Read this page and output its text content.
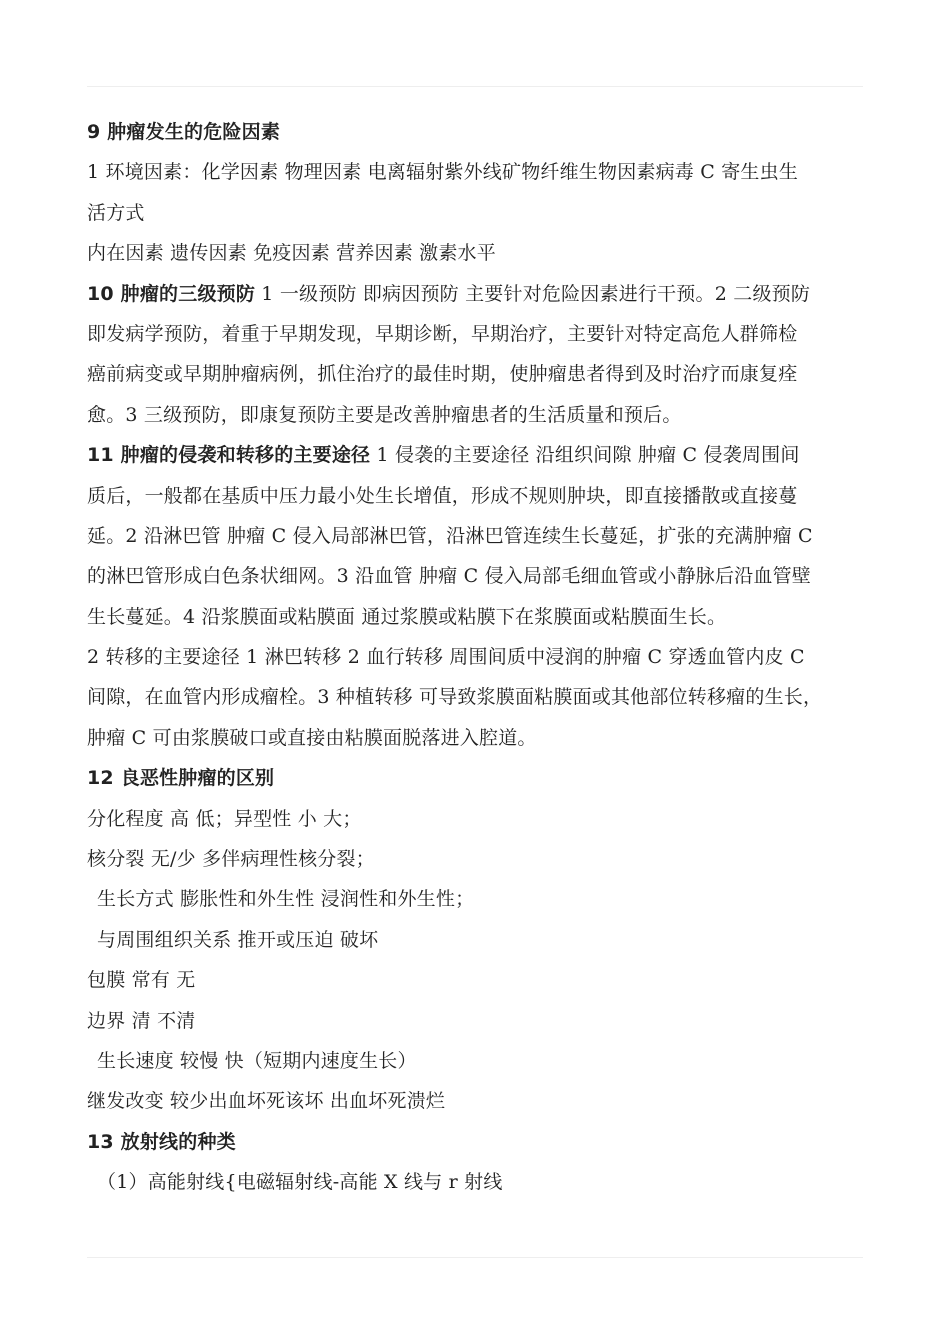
9 肿瘤发生的危险因素
1 环境因素：化学因素 物理因素 电离辐射紫外线矿物纤维生物因素病毒 C 寄生虫生
活方式
内在因素 遗传因素 免疫因素 营养因素 激素水平
10 肿瘤的三级预防 1 一级预防 即病因预防 主要针对危险因素进行干预。2 二级预防
即发病学预防，着重于早期发现，早期诊断，早期治疗，主要针对特定高危人群筛检
癌前病变或早期肿瘤病例，抓住治疗的最佳时期，使肿瘤患者得到及时治疗而康复痊
愈。3 三级预防，即康复预防主要是改善肿瘤患者的生活质量和预后。
11 肿瘤的侵袭和转移的主要途径 1 侵袭的主要途径 沿组织间隙 肿瘤 C 侵袭周围间
质后，一般都在基质中压力最小处生长增值，形成不规则肿块，即直接播散或直接蔓
延。2 沿淋巴管 肿瘤 C 侵入局部淋巴管，沿淋巴管连续生长蔓延，扩张的充满肿瘤 C
的淋巴管形成白色条状细网。3 沿血管 肿瘤 C 侵入局部毛细血管或小静脉后沿血管壁
生长蔓延。4 沿浆膜面或粘膜面 通过浆膜或粘膜下在浆膜面或粘膜面生长。
2 转移的主要途径 1 淋巴转移 2 血行转移 周围间质中浸润的肿瘤 C 穿透血管内皮 C
间隙，在血管内形成瘤栓。3 种植转移 可导致浆膜面粘膜面或其他部位转移瘤的生长，
肿瘤 C 可由浆膜破口或直接由粘膜面脱落进入腔道。
12 良恶性肿瘤的区别
分化程度 高 低；异型性 小 大；
核分裂 无/少 多伴病理性核分裂；
生长方式 膨胀性和外生性 浸润性和外生性；
与周围组织关系 推开或压迫 破坏
包膜 常有 无
边界 清 不清
生长速度 较慢 快（短期内速度生长）
继发改变 较少出血坏死该坏 出血坏死溃烂
13 放射线的种类
（1）高能射线{电磁辐射线-高能 X 线与 r 射线
